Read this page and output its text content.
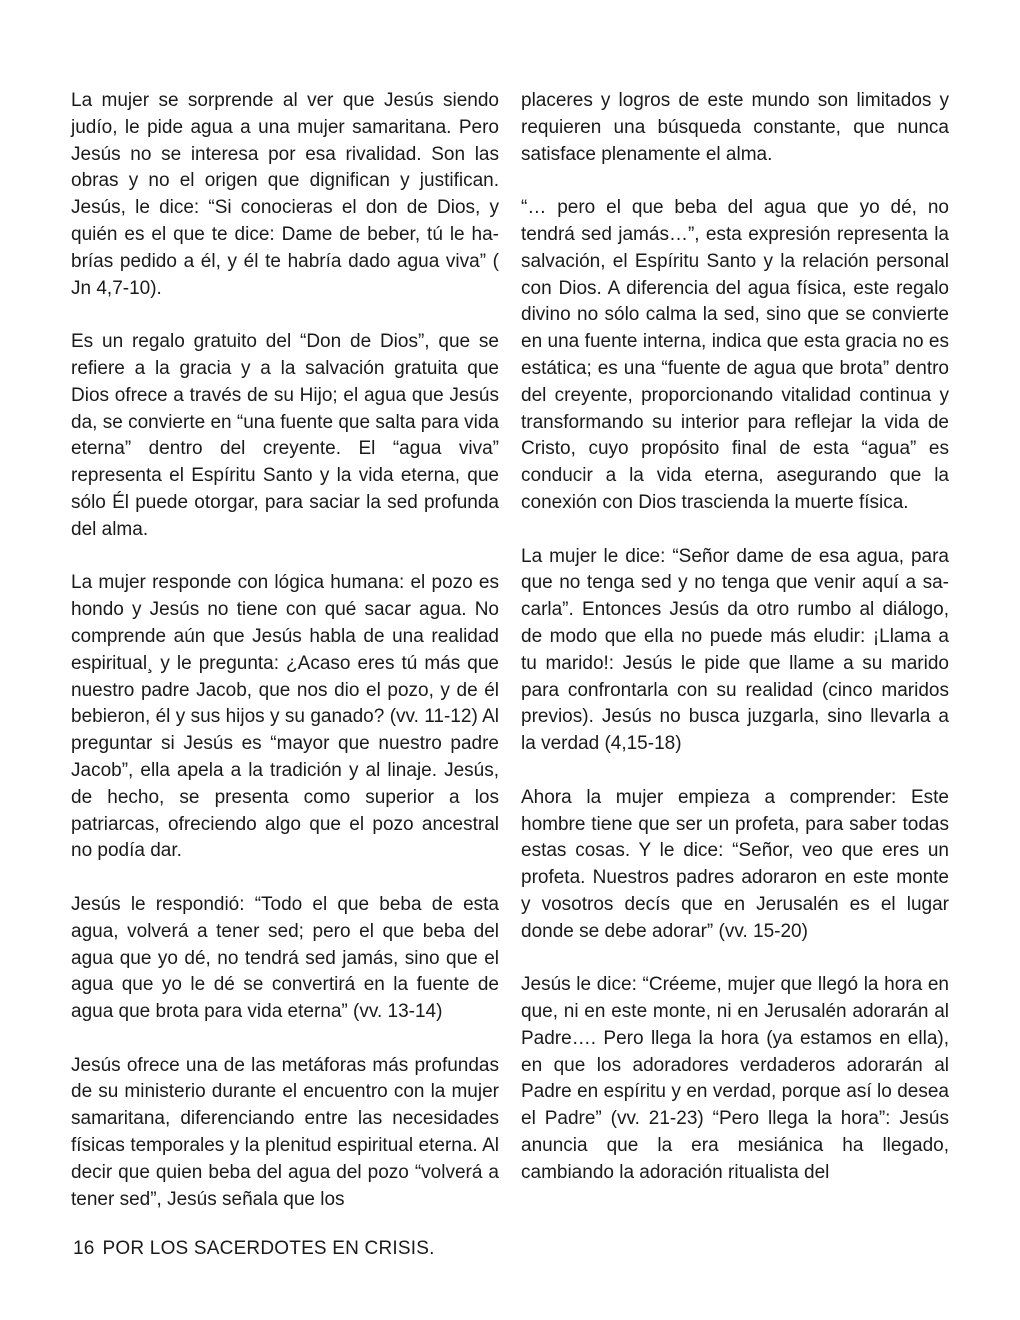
La mujer se sorprende al ver que Jesús siendo judío, le pide agua a una mujer samaritana. Pero Jesús no se interesa por esa rivalidad. Son las obras y no el origen que dignifican y justifican. Jesús, le dice: “Si conocieras el don de Dios, y quién es el que te dice: Dame de beber, tú le habrías pedido a él, y él te habría dado agua viva” ( Jn 4,7-10).

Es un regalo gratuito del “Don de Dios”, que se refiere a la gracia y a la salvación gratuita que Dios ofrece a través de su Hijo; el agua que Jesús da, se convierte en “una fuente que salta para vida eterna” dentro del creyente. El “agua viva” representa el Espíritu Santo y la vida eterna, que sólo Él puede otorgar, para saciar la sed profunda del alma.

La mujer responde con lógica humana: el pozo es hondo y Jesús no tiene con qué sacar agua. No comprende aún que Jesús habla de una realidad espiritual¸ y le pregunta: ¿Acaso eres tú más que nuestro padre Jacob, que nos dio el pozo, y de él bebieron, él y sus hijos y su ganado? (vv. 11-12) Al preguntar si Jesús es “mayor que nuestro padre Jacob”, ella apela a la tradición y al linaje. Jesús, de hecho, se presenta como superior a los patriarcas, ofreciendo algo que el pozo ancestral no podía dar.

Jesús le respondió: “Todo el que beba de esta agua, volverá a tener sed; pero el que beba del agua que yo dé, no tendrá sed jamás, sino que el agua que yo le dé se convertirá en la fuente de agua que brota para vida eterna” (vv. 13-14)

Jesús ofrece una de las metáforas más profundas de su ministerio durante el encuentro con la mujer samaritana, diferenciando entre las necesidades físicas temporales y la plenitud espiritual eterna. Al decir que quien beba del agua del pozo “volverá a tener sed”, Jesús señala que los

placeres y logros de este mundo son limitados y requieren una búsqueda constante, que nunca satisface plenamente el alma.

“… pero el que beba del agua que yo dé, no tendrá sed jamás…”, esta expresión representa la salvación, el Espíritu Santo y la relación personal con Dios. A diferencia del agua física, este regalo divino no sólo calma la sed, sino que se convierte en una fuente interna, indica que esta gracia no es estática; es una “fuente de agua que brota” dentro del creyente, proporcionando vitalidad continua y transformando su interior para reflejar la vida de Cristo, cuyo propósito final de esta “agua” es conducir a la vida eterna, asegurando que la conexión con Dios trascienda la muerte física.

La mujer le dice: “Señor dame de esa agua, para que no tenga sed y no tenga que venir aquí a sacarla”. Entonces Jesús da otro rumbo al diálogo, de modo que ella no puede más eludir: ¡Llama a tu marido!: Jesús le pide que llame a su marido para confrontarla con su realidad (cinco maridos previos). Jesús no busca juzgarla, sino llevarla a la verdad (4,15-18)

Ahora la mujer empieza a comprender: Este hombre tiene que ser un profeta, para saber todas estas cosas. Y le dice: “Señor, veo que eres un profeta. Nuestros padres adoraron en este monte y vosotros decís que en Jerusalén es el lugar donde se debe adorar” (vv. 15-20)

Jesús le dice: “Créeme, mujer que llegó la hora en que, ni en este monte, ni en Jerusalén adorarán al Padre…. Pero llega la hora (ya estamos en ella), en que los adoradores verdaderos adorarán al Padre en espíritu y en verdad, porque así lo desea el Padre” (vv. 21-23) “Pero llega la hora”: Jesús anuncia que la era mesiánica ha llegado, cambiando la adoración ritualista del

16 POR LOS SACERDOTES EN CRISIS.
